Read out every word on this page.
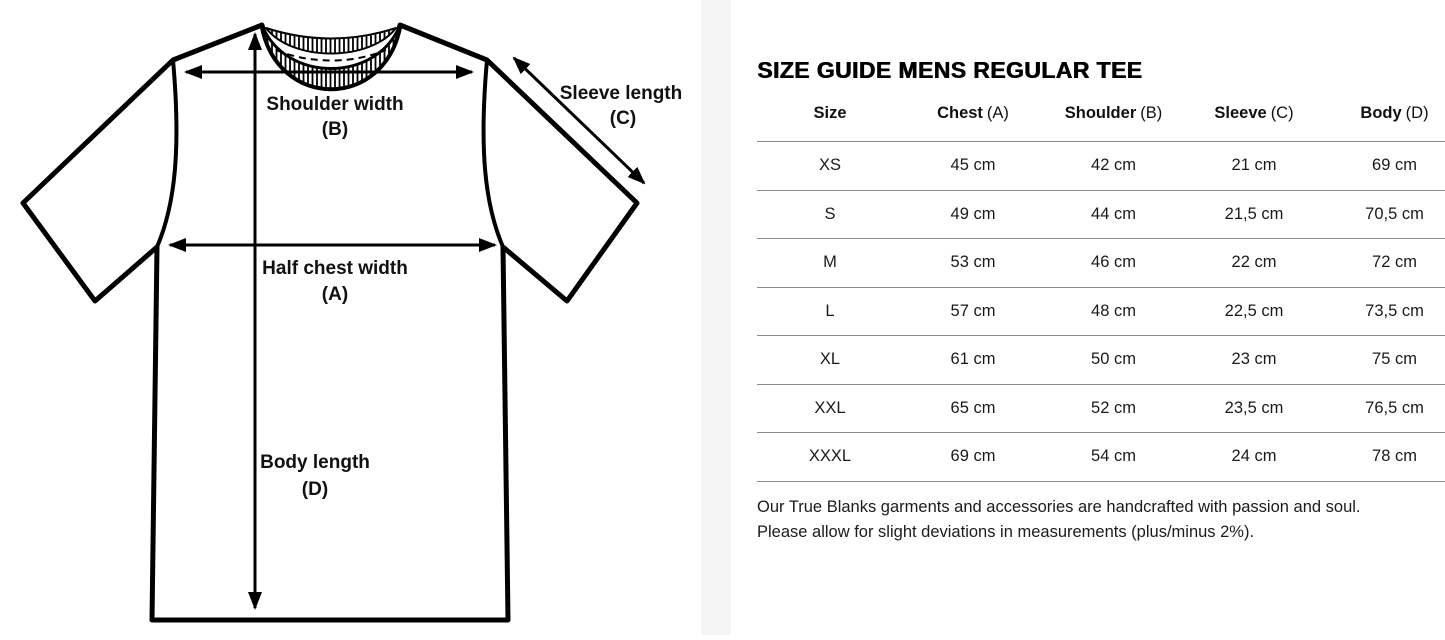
Shoulder width
(B)
Sleeve length
(C)
Half chest width
(A)
Body length
(D)
SIZE GUIDE MENS REGULAR TEE
Size	Chest (A)	Shoulder (B)	Sleeve (C)	Body (D)
XS	45 cm	42 cm	21 cm	69 cm
S	49 cm	44 cm	21,5 cm	70,5 cm
M	53 cm	46 cm	22 cm	72 cm
L	57 cm	48 cm	22,5 cm	73,5 cm
XL	61 cm	50 cm	23 cm	75 cm
XXL	65 cm	52 cm	23,5 cm	76,5 cm
XXXL	69 cm	54 cm	24 cm	78 cm
Our True Blanks garments and accessories are handcrafted with passion and soul.
Please allow for slight deviations in measurements (plus/minus 2%).
